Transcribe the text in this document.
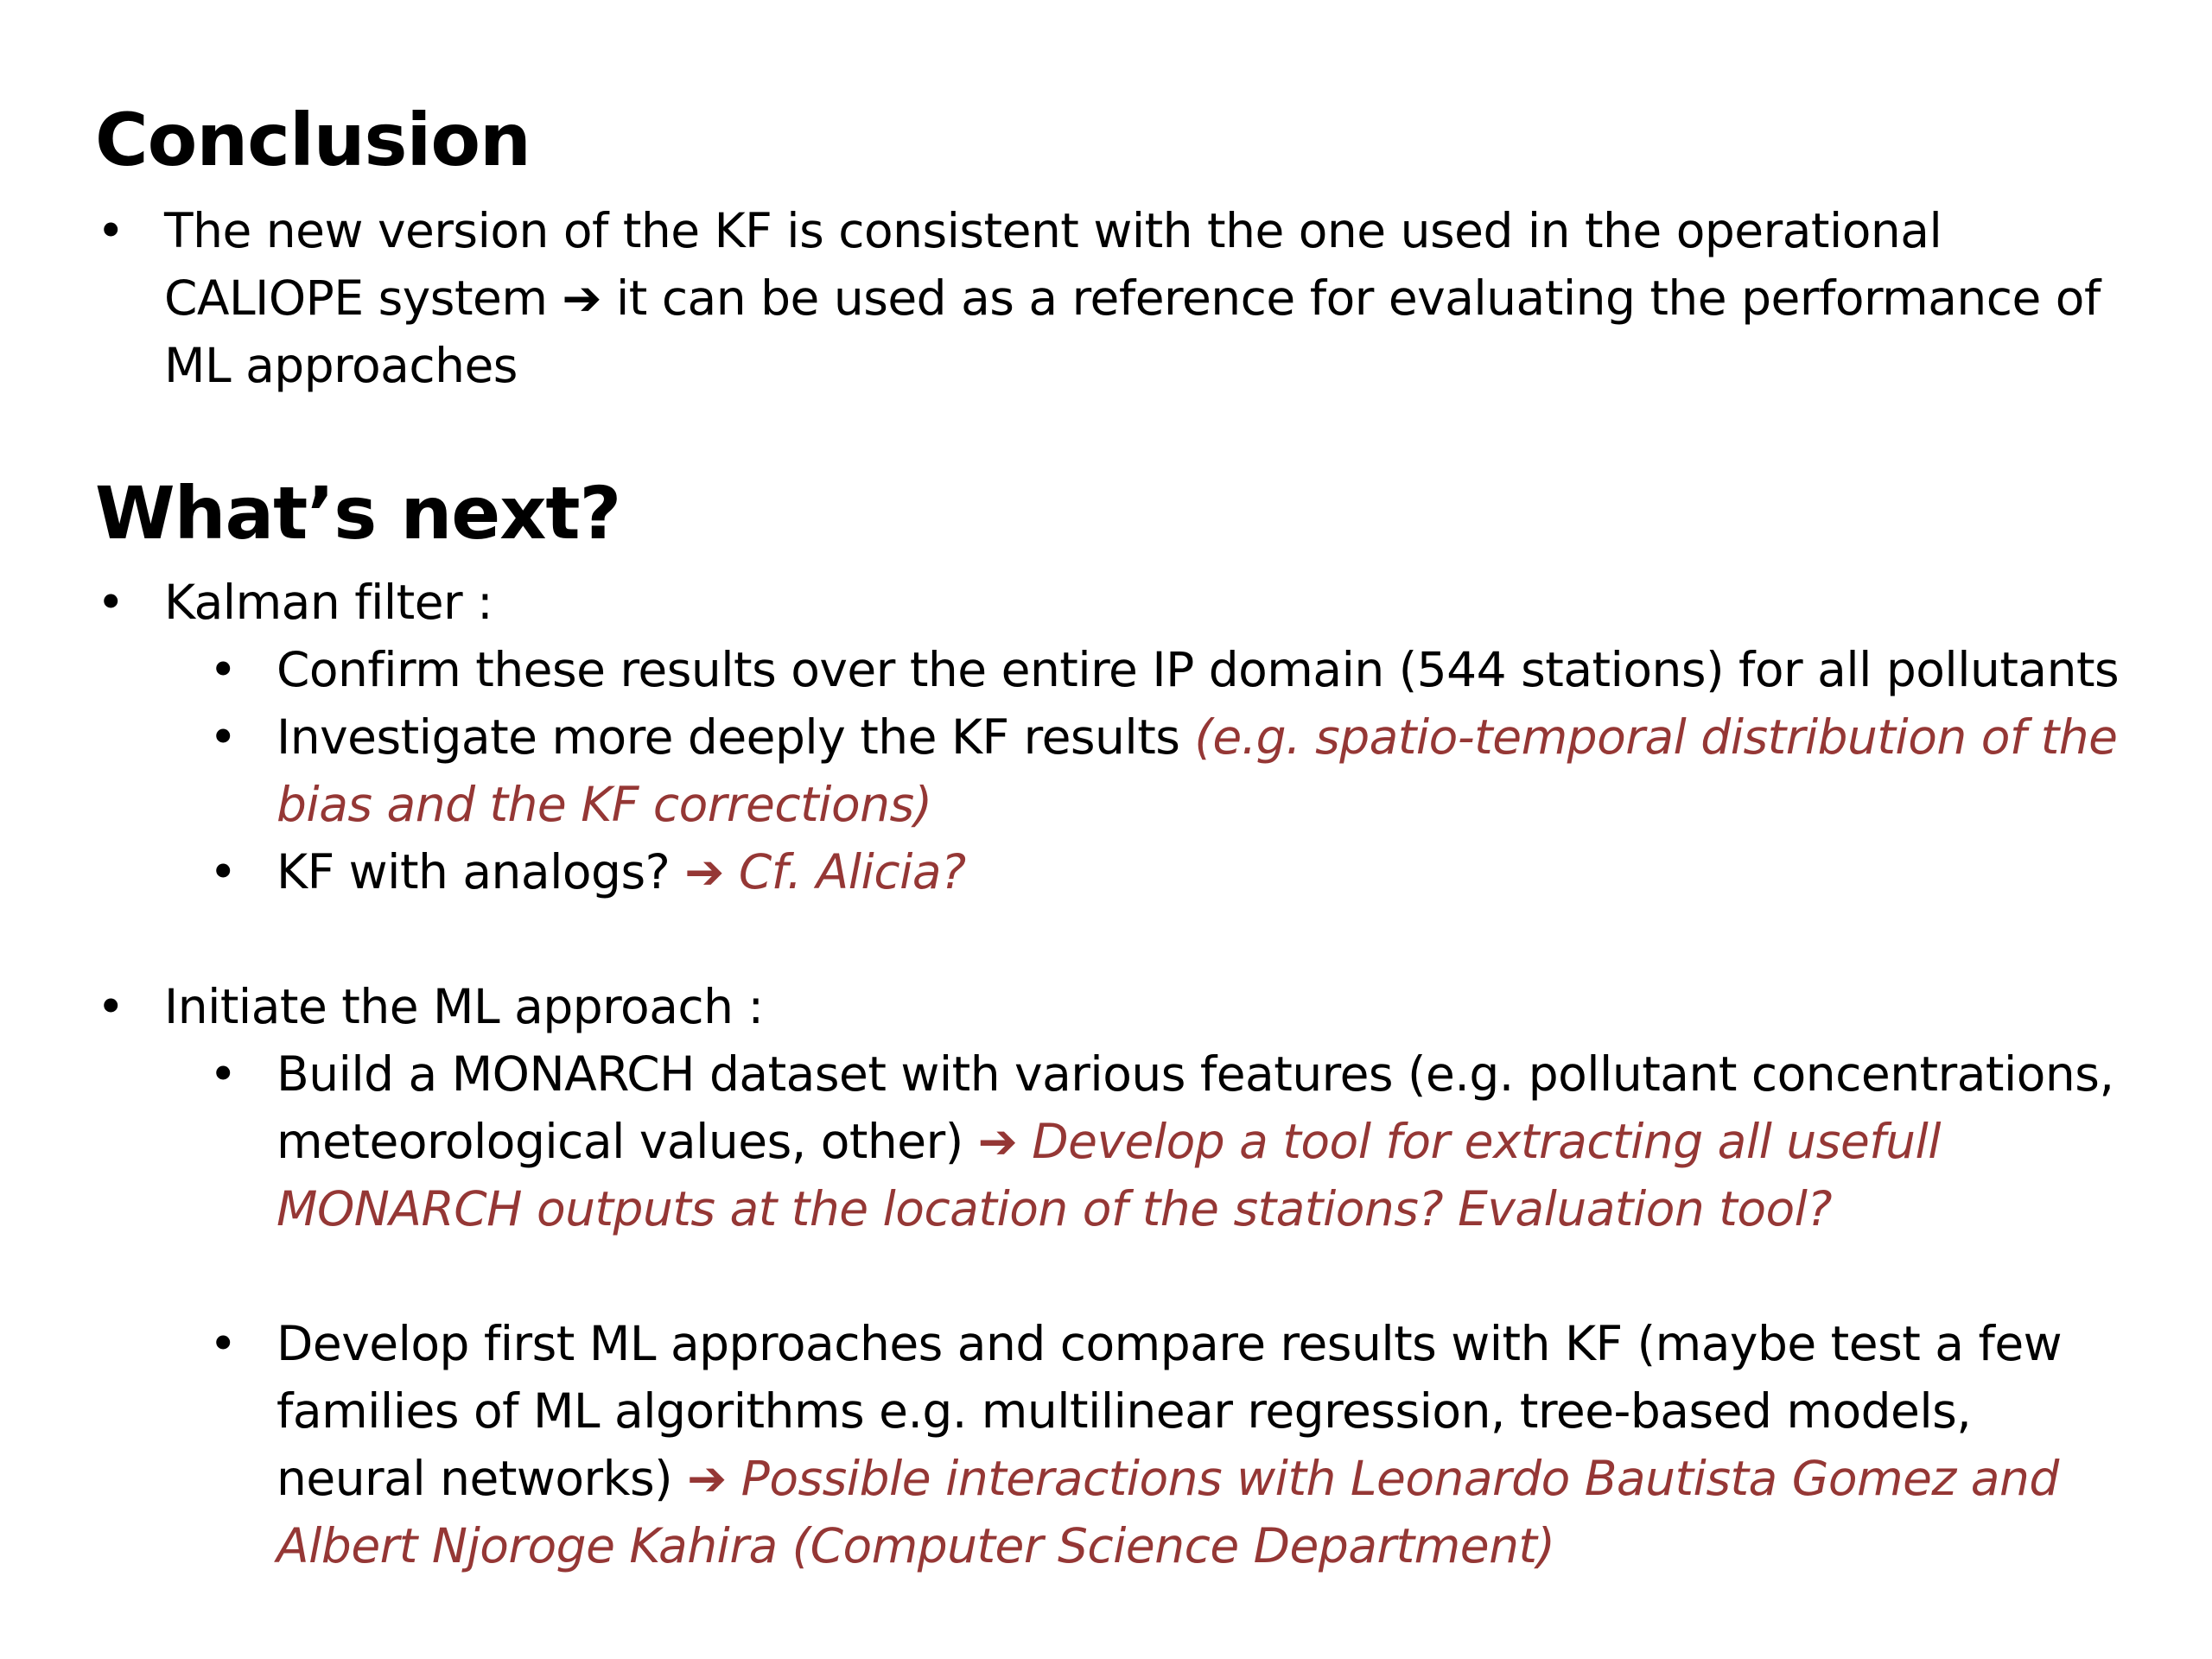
Conclusion
• The new version of the KF is consistent with the one used in the operational CALIOPE system ➔ it can be used as a reference for evaluating the performance of ML approaches
What’s next?
• Kalman filter :
• Confirm these results over the entire IP domain (544 stations) for all pollutants
• Investigate more deeply the KF results (e.g. spatio-temporal distribution of the bias and the KF corrections)
• KF with analogs? ➔ Cf. Alicia?
• Initiate the ML approach :
• Build a MONARCH dataset with various features (e.g. pollutant concentrations, meteorological values, other) ➔ Develop a tool for extracting all usefull MONARCH outputs at the location of the stations? Evaluation tool?
• Develop first ML approaches and compare results with KF (maybe test a few families of ML algorithms e.g. multilinear regression, tree-based models, neural networks) ➔ Possible interactions with Leonardo Bautista Gomez and Albert Njoroge Kahira (Computer Science Department)
